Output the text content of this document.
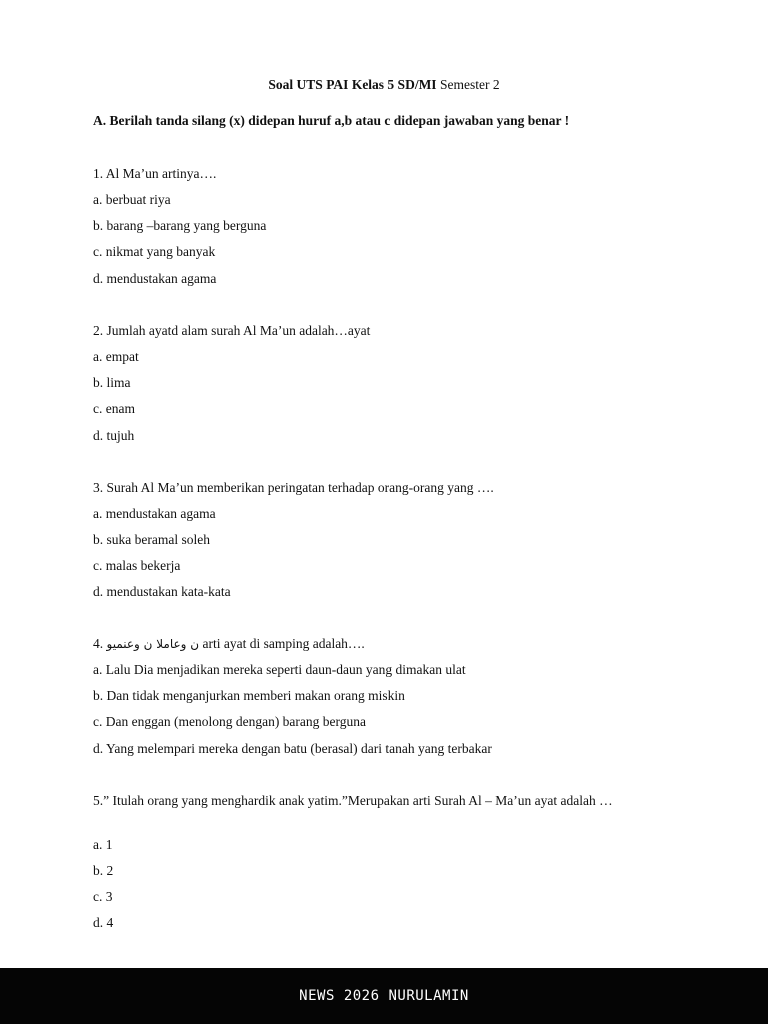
Soal UTS PAI Kelas 5 SD/MI Semester 2
A. Berilah tanda silang (x) didepan huruf a,b atau c didepan jawaban yang benar !
1. Al Ma’un artinya….
a. berbuat riya
b. barang –barang yang berguna
c. nikmat yang banyak
d. mendustakan agama
2. Jumlah ayatd alam surah Al Ma’un adalah…ayat
a. empat
b. lima
c. enam
d. tujuh
3. Surah Al Ma’un memberikan peringatan terhadap orang-orang yang ….
a. mendustakan agama
b. suka beramal soleh
c. malas bekerja
d. mendustakan kata-kata
4. ن وعاملا ن وعنميو arti ayat di samping adalah….
a. Lalu Dia menjadikan mereka seperti daun-daun yang dimakan ulat
b. Dan tidak menganjurkan memberi makan orang miskin
c. Dan enggan (menolong dengan) barang berguna
d. Yang melempari mereka dengan batu (berasal) dari tanah yang terbakar
5.” Itulah orang yang menghardik anak yatim.”Merupakan arti Surah Al – Ma’un ayat adalah …
a. 1
b. 2
c. 3
d. 4
NEWS 2026 NURULAMIN
